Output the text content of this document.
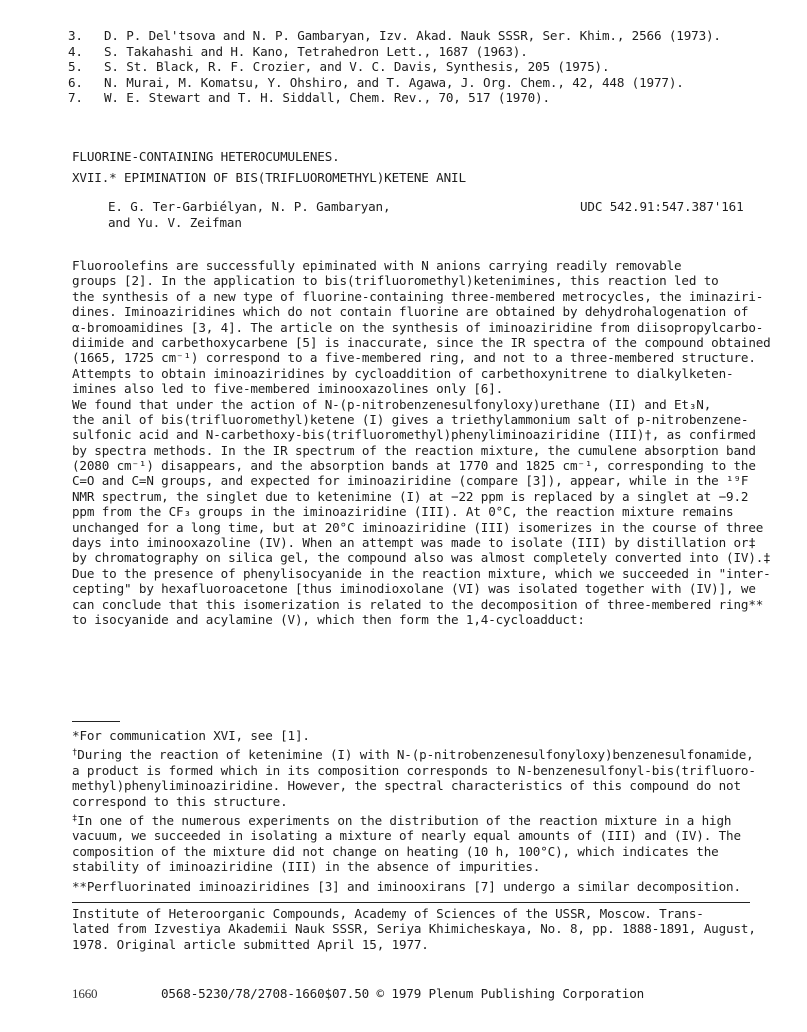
3.	D. P. Del'tsova and N. P. Gambaryan, Izv. Akad. Nauk SSSR, Ser. Khim., 2566 (1973).
4.	S. Takahashi and H. Kano, Tetrahedron Lett., 1687 (1963).
5.	S. St. Black, R. F. Crozier, and V. C. Davis, Synthesis, 205 (1975).
6.	N. Murai, M. Komatsu, Y. Ohshiro, and T. Agawa, J. Org. Chem., 42, 448 (1977).
7.	W. E. Stewart and T. H. Siddall, Chem. Rev., 70, 517 (1970).
FLUORINE-CONTAINING HETEROCUMULENES.
XVII.* EPIMINATION OF BIS(TRIFLUOROMETHYL)KETENE ANIL
E. G. Ter-Garbiélyan, N. P. Gambaryan,
and Yu. V. Zeifman
UDC 542.91:547.387'161
Fluoroolefins are successfully epiminated with N anions carrying readily removable
groups [2]. In the application to bis(trifluoromethyl)ketenimines, this reaction led to
the synthesis of a new type of fluorine-containing three-membered metrocycles, the iminaziri-
dines. Iminoaziridines which do not contain fluorine are obtained by dehydrohalogenation of
α-bromoamidines [3, 4]. The article on the synthesis of iminoaziridine from diisopropylcarbo-
diimide and carbethoxycarbene [5] is inaccurate, since the IR spectra of the compound obtained
(1665, 1725 cm⁻¹) correspond to a five-membered ring, and not to a three-membered structure.
Attempts to obtain iminoaziridines by cycloaddition of carbethoxynitrene to dialkylketen-
imines also led to five-membered iminooxazolines only [6].
We found that under the action of N-(p-nitrobenzenesulfonyloxy)urethane (II) and Et₃N,
the anil of bis(trifluoromethyl)ketene (I) gives a triethylammonium salt of p-nitrobenzene-
sulfonic acid and N-carbethoxy-bis(trifluoromethyl)phenyliminoaziridine (III)†, as confirmed
by spectra methods. In the IR spectrum of the reaction mixture, the cumulene absorption band
(2080 cm⁻¹) disappears, and the absorption bands at 1770 and 1825 cm⁻¹, corresponding to the
C=O and C=N groups, and expected for iminoaziridine (compare [3]), appear, while in the ¹⁹F
NMR spectrum, the singlet due to ketenimine (I) at −22 ppm is replaced by a singlet at −9.2
ppm from the CF₃ groups in the iminoaziridine (III). At 0°C, the reaction mixture remains
unchanged for a long time, but at 20°C iminoaziridine (III) isomerizes in the course of three
days into iminooxazoline (IV). When an attempt was made to isolate (III) by distillation or‡
by chromatography on silica gel, the compound also was almost completely converted into (IV).‡
Due to the presence of phenylisocyanide in the reaction mixture, which we succeeded in "inter-
cepting" by hexafluoroacetone [thus iminodioxolane (VI) was isolated together with (IV)], we
can conclude that this isomerization is related to the decomposition of three-membered ring**
to isocyanide and acylamine (V), which then form the 1,4-cycloadduct:
*For communication XVI, see [1].
†During the reaction of ketenimine (I) with N-(p-nitrobenzenesulfonyloxy)benzenesulfonamide,
a product is formed which in its composition corresponds to N-benzenesulfonyl-bis(trifluoro-
methyl)phenyliminoaziridine. However, the spectral characteristics of this compound do not
correspond to this structure.
‡In one of the numerous experiments on the distribution of the reaction mixture in a high
vacuum, we succeeded in isolating a mixture of nearly equal amounts of (III) and (IV). The
composition of the mixture did not change on heating (10 h, 100°C), which indicates the
stability of iminoaziridine (III) in the absence of impurities.
**Perfluorinated iminoaziridines [3] and iminooxirans [7] undergo a similar decomposition.
Institute of Heteroorganic Compounds, Academy of Sciences of the USSR, Moscow. Trans-
lated from Izvestiya Akademii Nauk SSSR, Seriya Khimicheskaya, No. 8, pp. 1888-1891, August,
1978. Original article submitted April 15, 1977.
1660	0568-5230/78/2708-1660$07.50 © 1979 Plenum Publishing Corporation
